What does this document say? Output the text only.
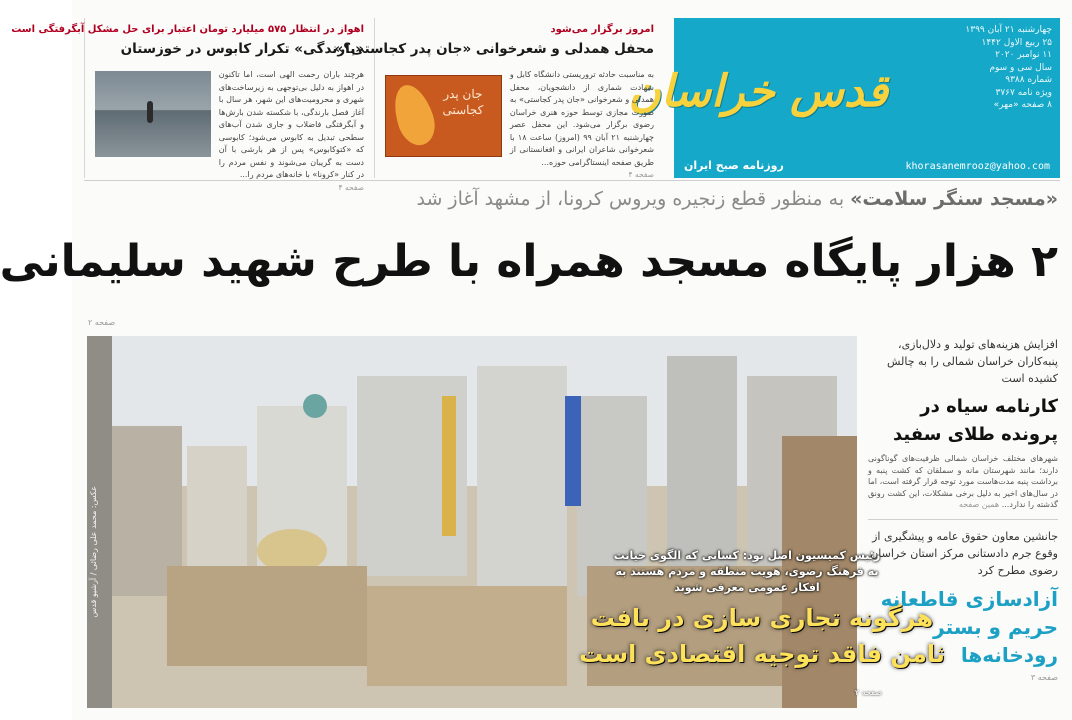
چهارشنبه ۲۱ آبان ۱۳۹۹
۲۵ ربیع الاول ۱۴۴۲
۱۱ نوامبر ۲۰۲۰
سال سی و سوم
شماره ۹۳۸۸
ویژه نامه ۳۷۶۷
۸ صفحه «مهر»
قدس خراسان
روزنامه صبح ایران	khorasanemrooz@yahoo.com
امروز برگزار می‌شود
محفل همدلی و شعرخوانی «جان پدر کجاستی؟»
به مناسبت حادثه تروریستی دانشگاه کابل و شهادت شماری از دانشجویان، محفل همدلی و شعرخوانی «جان پدر کجاستی» به صورت مجازی توسط حوزه هنری خراسان رضوی برگزار می‌شود. این محفل عصر چهارشنبه ۲۱ آبان ۹۹ (امروز) ساعت ۱۸ با شعرخوانی شاعران ایرانی و افغانستانی از طریق صفحه اینستاگرامی حوزه...
صفحه ۴
جان پدر کجاستی
اهواز در انتظار ۵۷۵ میلیارد تومان اعتبار برای حل مشکل آبگرفتگی است
«بارندگی» تکرار کابوس در خوزستان
هرچند باران رحمت الهی است، اما تاکنون در اهواز به دلیل بی‌توجهی به زیرساخت‌های شهری و محرومیت‌های این شهر، هر سال با آغاز فصل بارندگی، با شکسته شدن بارش‌ها و آبگرفتگی فاضلاب و جاری شدن آب‌های سطحی تبدیل به کابوس می‌شود؛ کابوسی که «کتوکابوس» پس از هر بارشی با آن دست به گریبان می‌شوند و نفس مردم را در کنار «کرونا» با خانه‌های مردم را...
صفحه ۴
«مسجد سنگر سلامت» به منظور قطع زنجیره ویروس کرونا، از مشهد آغاز شد
۲ هزار پایگاه مسجد همراه با طرح شهید سلیمانی
صفحه ۲
عکس: محمد علی رضائی / آرشیو قدس	رئیس کمیسیون اصل نود: کسانی که الگوی خیانت به فرهنگ رضوی، هویت منطقه و مردم هستند به افکار عمومی معرفی شوند
هرگونه تجاری سازی در بافت ثامن فاقد توجیه اقتصادی است
صفحه ۲
افزایش هزینه‌های تولید و دلال‌بازی، پنبه‌کاران خراسان شمالی را به چالش کشیده است
کارنامه سیاه در پرونده طلای سفید
شهرهای مختلف خراسان شمالی ظرفیت‌های گوناگونی دارند؛ مانند شهرستان مانه و سملقان که کشت پنبه و برداشت پنبه مدت‌هاست مورد توجه قرار گرفته است، اما در سال‌های اخیر به دلیل برخی مشکلات، این کشت رونق گذشته را ندارد... همین صفحه
جانشین معاون حقوق عامه و پیشگیری از وقوع جرم دادستانی مرکز استان خراسان رضوی مطرح کرد
آزادسازی قاطعانه حریم و بستر رودخانه‌ها
صفحه ۳
